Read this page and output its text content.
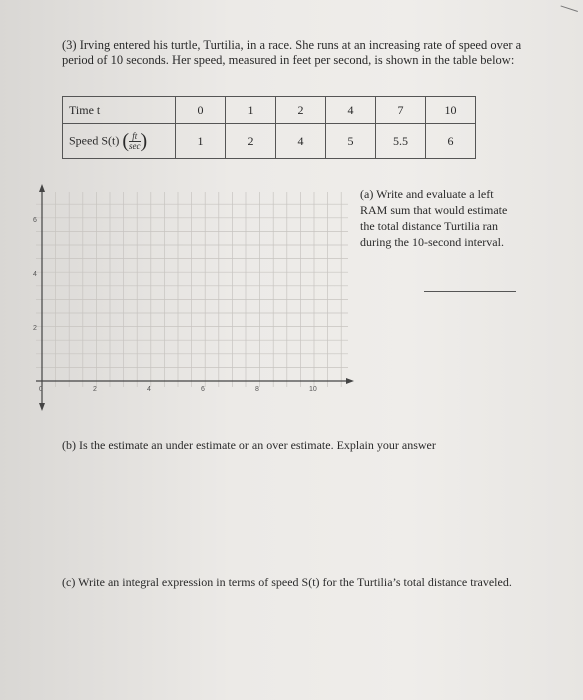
(3) Irving entered his turtle, Turtilia, in a race. She runs at an increasing rate of speed over a period of 10 seconds. Her speed, measured in feet per second, is shown in the table below:

Time t	0	1	2	4	7	10
Speed S(t) ( $\frac{ft}{\sec}$ )	1	2	4	5	5.5	6
0	2	4	6	8	10
2
4
6
(a) Write and evaluate a left RAM sum that would estimate the total distance Turtilia ran during the 10-second interval.
(b) Is the estimate an under estimate or an over estimate. Explain your answer
(c) Write an integral expression in terms of speed S(t) for the Turtilia’s total distance traveled.
